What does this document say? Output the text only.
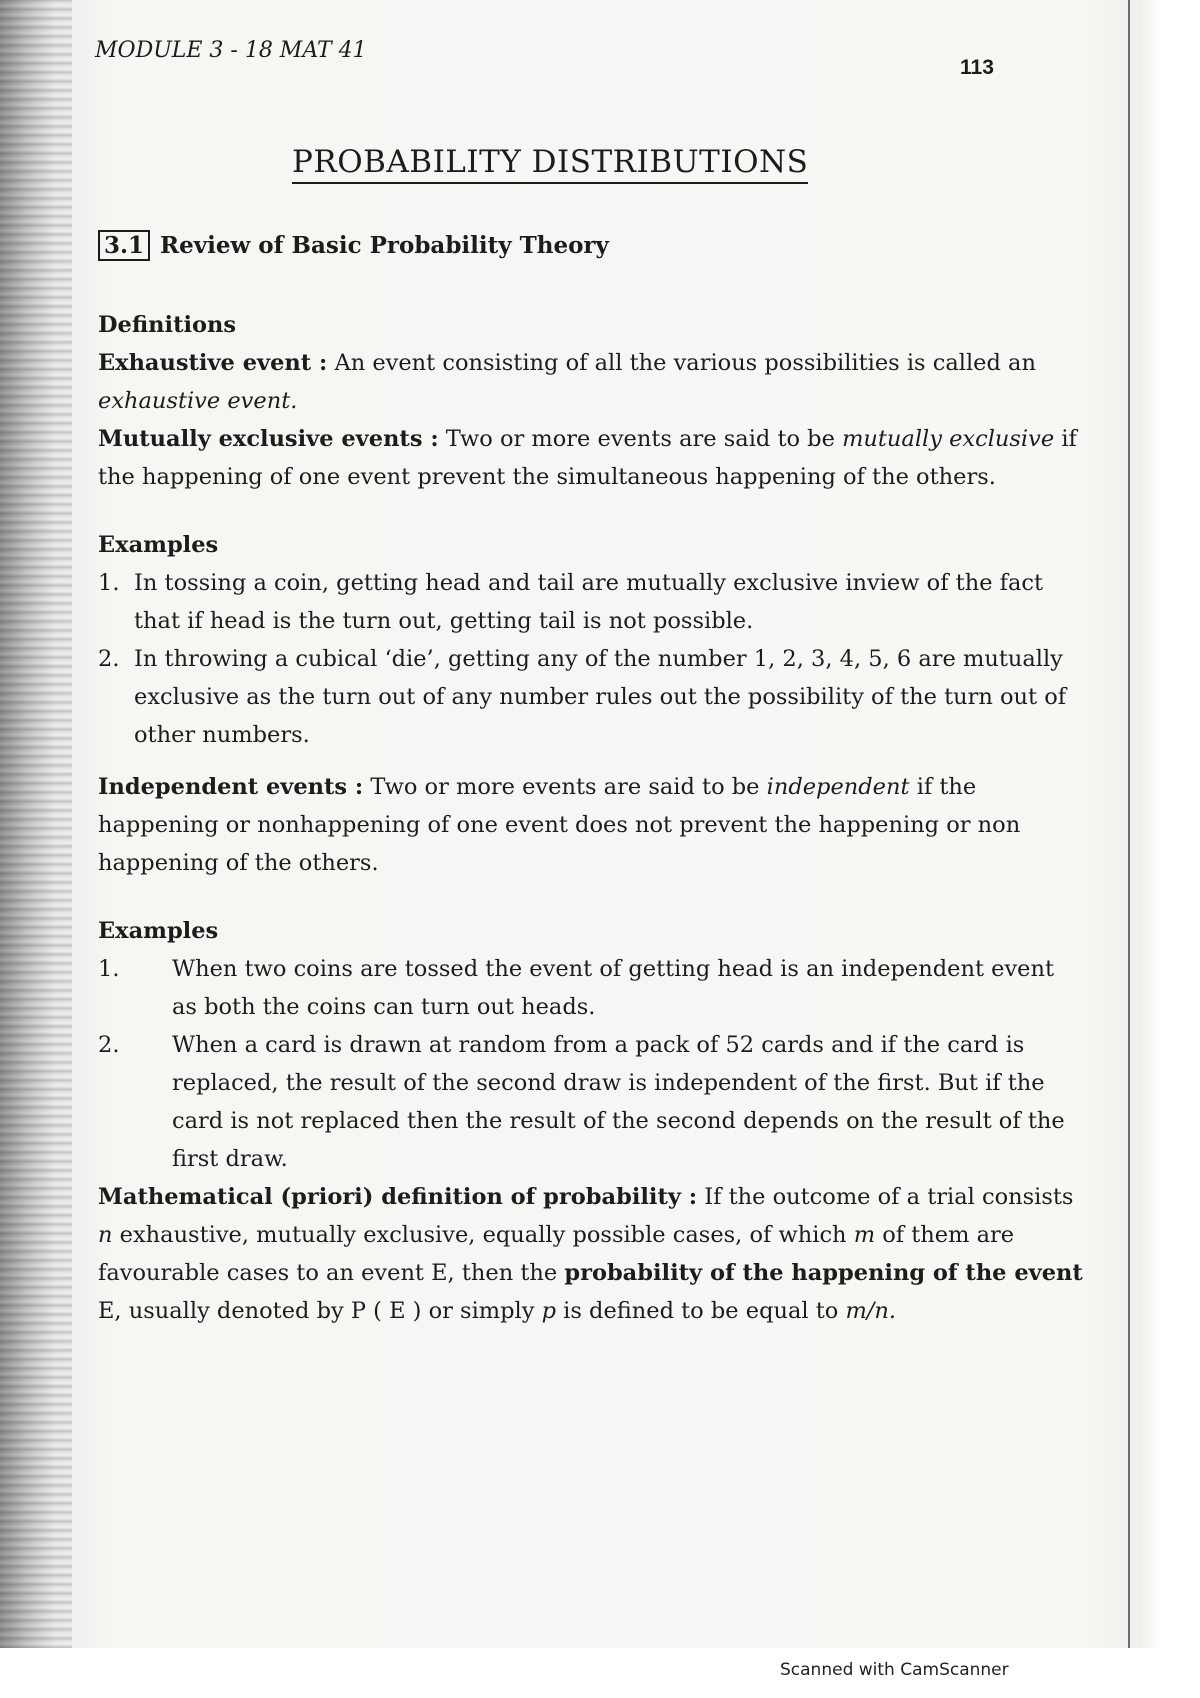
MODULE 3 - 18 MAT 41
113
PROBABILITY DISTRIBUTIONS
3.1 Review of Basic Probability Theory

Definitions

Exhaustive event : An event consisting of all the various possibilities is called an exhaustive event.

Mutually exclusive events : Two or more events are said to be mutually exclusive if the happening of one event prevent the simultaneous happening of the others.

Examples

1. In tossing a coin, getting head and tail are mutually exclusive inview of the fact that if head is the turn out, getting tail is not possible.
2. In throwing a cubical ‘die’, getting any of the number 1, 2, 3, 4, 5, 6 are mutually exclusive as the turn out of any number rules out the possibility of the turn out of other numbers.

Independent events : Two or more events are said to be independent if the happening or nonhappening of one event does not prevent the happening or non happening of the others.

Examples

1.	When two coins are tossed the event of getting head is an independent event as both the coins can turn out heads.
2.	When a card is drawn at random from a pack of 52 cards and if the card is replaced, the result of the second draw is independent of the first. But if the card is not replaced then the result of the second depends on the result of the first draw.

Mathematical (priori) definition of probability : If the outcome of a trial consists n exhaustive, mutually exclusive, equally possible cases, of which m of them are favourable cases to an event E, then the probability of the happening of the event E, usually denoted by P ( E ) or simply p is defined to be equal to m/n.

Scanned with CamScanner
